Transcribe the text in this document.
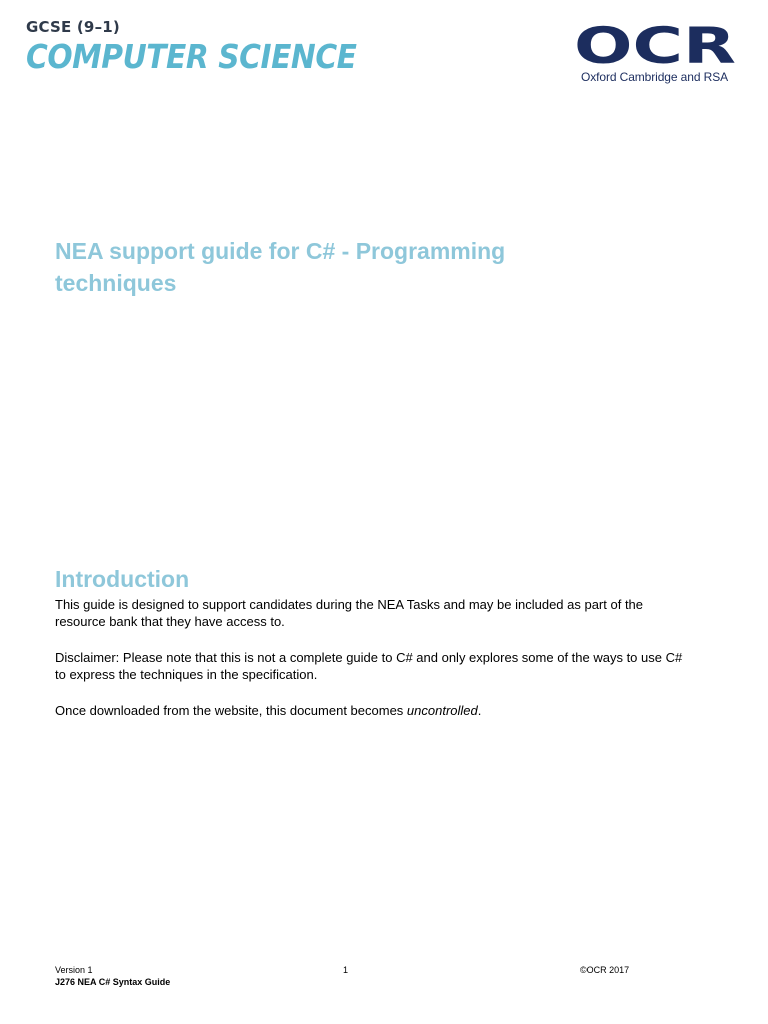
GCSE (9–1)
COMPUTER SCIENCE	OCR
Oxford Cambridge and RSA
NEA support guide for C# - Programming techniques
Introduction

This guide is designed to support candidates during the NEA Tasks and may be included as part of the resource bank that they have access to.

Disclaimer: Please note that this is not a complete guide to C# and only explores some of the ways to use C# to express the techniques in the specification.

Once downloaded from the website, this document becomes uncontrolled.

Version 1	1	©OCR 2017
J276 NEA C# Syntax Guide
